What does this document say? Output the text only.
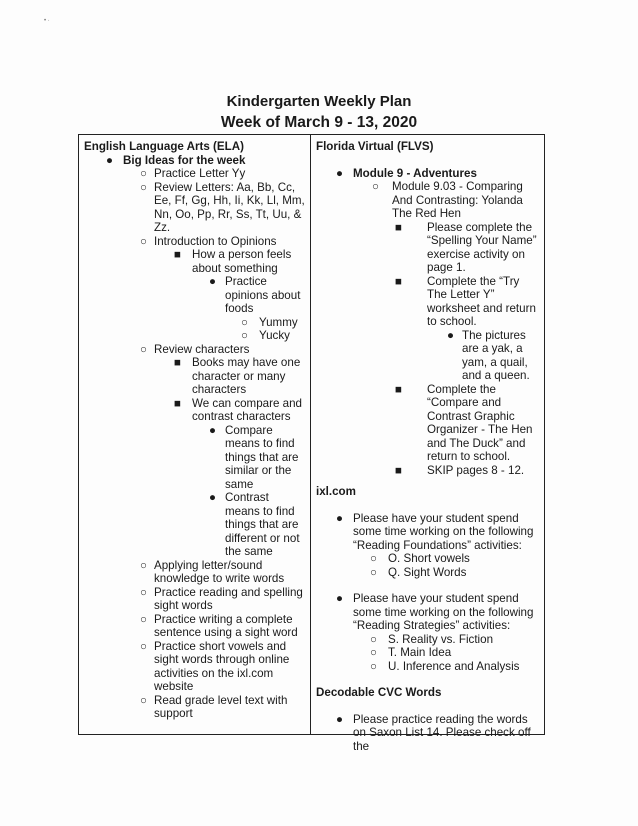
• ·
Kindergarten Weekly Plan
Week of March 9 - 13, 2020
English Language Arts (ELA)
● Big Ideas for the week
○ Practice Letter Yy
○ Review Letters: Aa, Bb, Cc, Ee, Ff, Gg, Hh, Ii, Kk, Ll, Mm, Nn, Oo, Pp, Rr, Ss, Tt, Uu, & Zz.
○ Introduction to Opinions
■ How a person feels about something
● Practice opinions about foods
○ Yummy
○ Yucky
○ Review characters
■ Books may have one character or many characters
■ We can compare and contrast characters
● Compare means to find things that are similar or the same
● Contrast means to find things that are different or not the same
○ Applying letter/sound knowledge to write words
○ Practice reading and spelling sight words
○ Practice writing a complete sentence using a sight word
○ Practice short vowels and sight words through online activities on the ixl.com website
○ Read grade level text with support
Florida Virtual (FLVS)
● Module 9 - Adventures
○ Module 9.03 - Comparing And Contrasting: Yolanda The Red Hen
■ Please complete the “Spelling Your Name” exercise activity on page 1.
■ Complete the “Try The Letter Y” worksheet and return to school.
● The pictures are a yak, a yam, a quail, and a queen.
■ Complete the “Compare and Contrast Graphic Organizer - The Hen and The Duck” and return to school.
■ SKIP pages 8 - 12.
ixl.com
● Please have your student spend some time working on the following “Reading Foundations” activities:
○ O. Short vowels
○ Q. Sight Words
● Please have your student spend some time working on the following “Reading Strategies” activities:
○ S. Reality vs. Fiction
○ T. Main Idea
○ U. Inference and Analysis
Decodable CVC Words
● Please practice reading the words on Saxon List 14. Please check off the
